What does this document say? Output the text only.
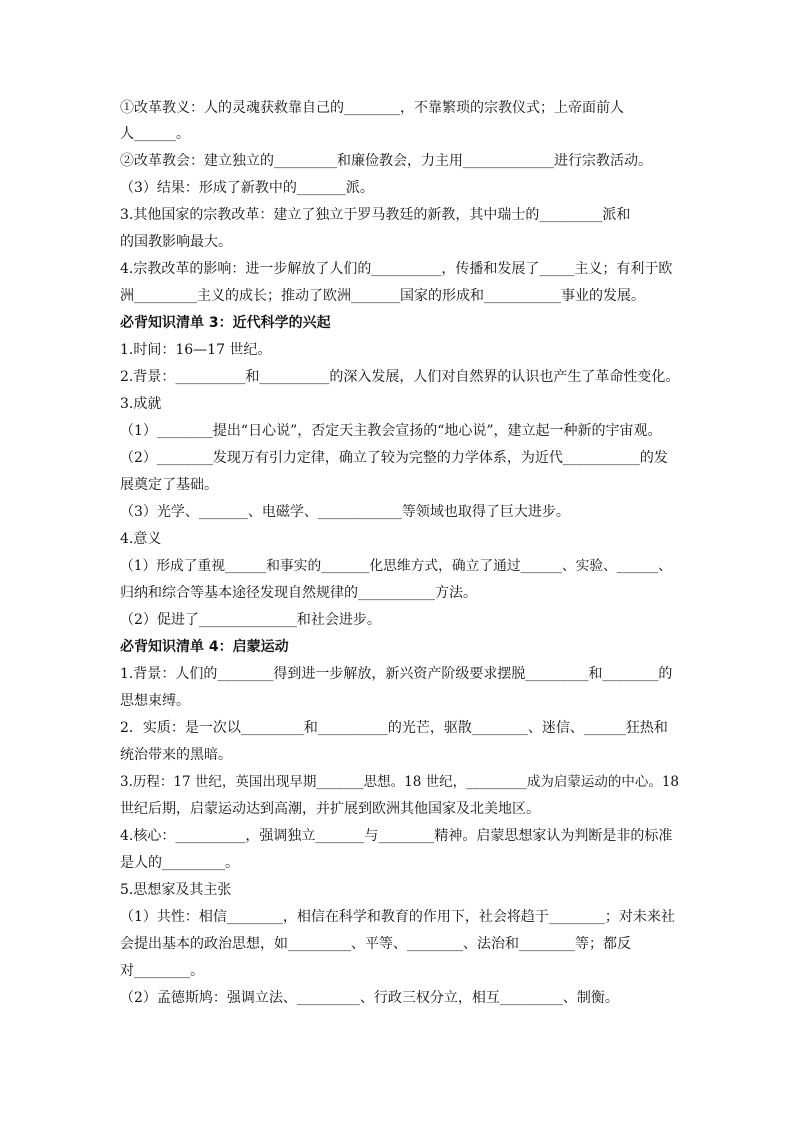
①改革教义：人的灵魂获救靠自己的________，不靠繁琐的宗教仪式；上帝面前人
人______。
②改革教会：建立独立的_________和廉俭教会，力主用_____________进行宗教活动。
（3）结果：形成了新教中的_______派。
3.其他国家的宗教改革：建立了独立于罗马教廷的新教，其中瑞士的_________派和
的国教影响最大。
4.宗教改革的影响：进一步解放了人们的__________，传播和发展了_____主义；有利于欧
洲_________主义的成长；推动了欧洲_______国家的形成和___________事业的发展。
必背知识清单 3：近代科学的兴起
1.时间：16—17 世纪。
2.背景：__________和__________的深入发展，人们对自然界的认识也产生了革命性变化。
3.成就
（1）________提出“日心说”，否定天主教会宣扬的“地心说”，建立起一种新的宇宙观。
（2）________发现万有引力定律，确立了较为完整的力学体系，为近代___________的发
展奠定了基础。
（3）光学、_______、电磁学、____________等领域也取得了巨大进步。
4.意义
（1）形成了重视______和事实的_______化思维方式，确立了通过______、实验、______、
归纳和综合等基本途径发现自然规律的___________方法。
（2）促进了______________和社会进步。
必背知识清单 4：启蒙运动
1.背景：人们的________得到进一步解放，新兴资产阶级要求摆脱_________和________的
思想束缚。
2．实质：是一次以_________和__________的光芒，驱散________、迷信、______狂热和
统治带来的黑暗。
3.历程：17 世纪，英国出现早期_______思想。18 世纪，_________成为启蒙运动的中心。18
世纪后期，启蒙运动达到高潮，并扩展到欧洲其他国家及北美地区。
4.核心：__________，强调独立_______与________精神。启蒙思想家认为判断是非的标准
是人的_________。
5.思想家及其主张
（1）共性：相信________，相信在科学和教育的作用下，社会将趋于________；对未来社
会提出基本的政治思想，如_________、平等、________、法治和________等；都反
对________。
（2）孟德斯鸠：强调立法、_________、行政三权分立，相互_________、制衡。
